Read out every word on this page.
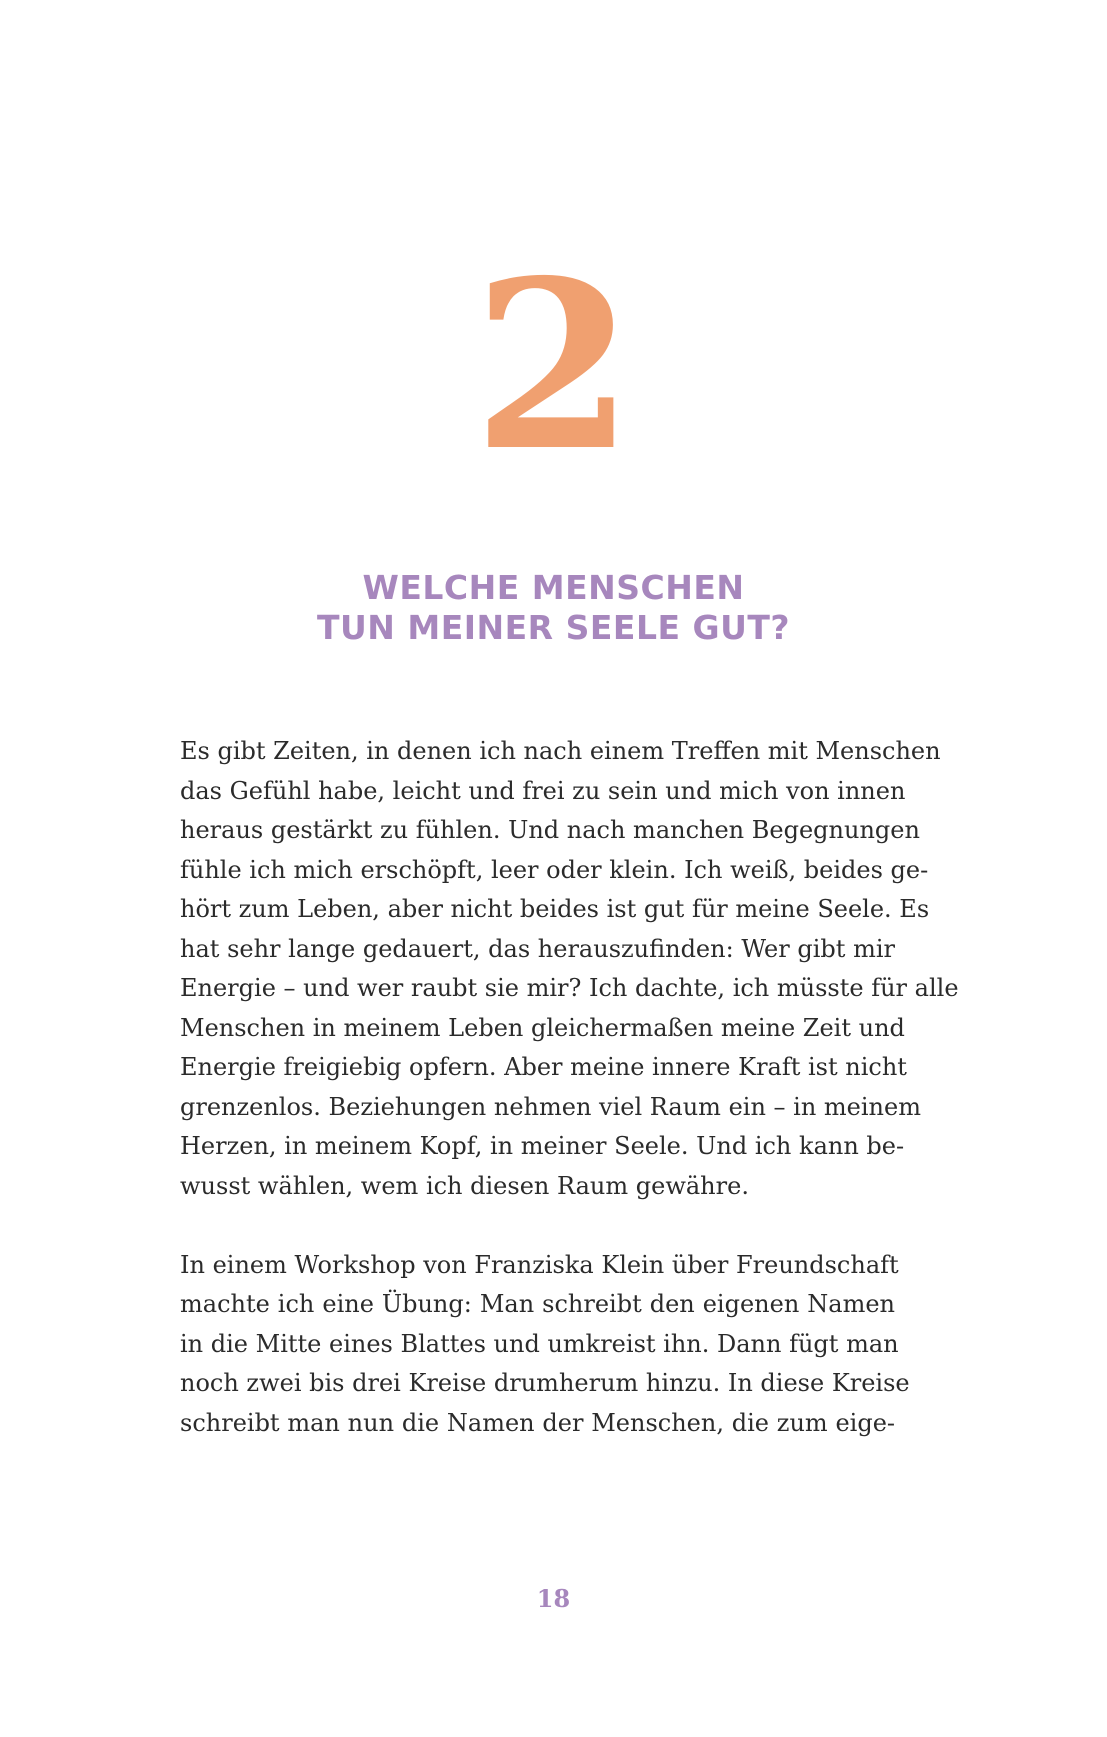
2
WELCHE MENSCHEN
TUN MEINER SEELE GUT?
Es gibt Zeiten, in denen ich nach einem Treffen mit Menschen
das Gefühl habe, leicht und frei zu sein und mich von innen
heraus gestärkt zu fühlen. Und nach manchen Begegnungen
fühle ich mich erschöpft, leer oder klein. Ich weiß, beides ge-
hört zum Leben, aber nicht beides ist gut für meine Seele. Es
hat sehr lange gedauert, das herauszufinden: Wer gibt mir
Energie – und wer raubt sie mir? Ich dachte, ich müsste für alle
Menschen in meinem Leben gleichermaßen meine Zeit und
Energie freigiebig opfern. Aber meine innere Kraft ist nicht
grenzenlos. Beziehungen nehmen viel Raum ein – in meinem
Herzen, in meinem Kopf, in meiner Seele. Und ich kann be-
wusst wählen, wem ich diesen Raum gewähre.
In einem Workshop von Franziska Klein über Freundschaft
machte ich eine Übung: Man schreibt den eigenen Namen
in die Mitte eines Blattes und umkreist ihn. Dann fügt man
noch zwei bis drei Kreise drumherum hinzu. In diese Kreise
schreibt man nun die Namen der Menschen, die zum eige-
18
